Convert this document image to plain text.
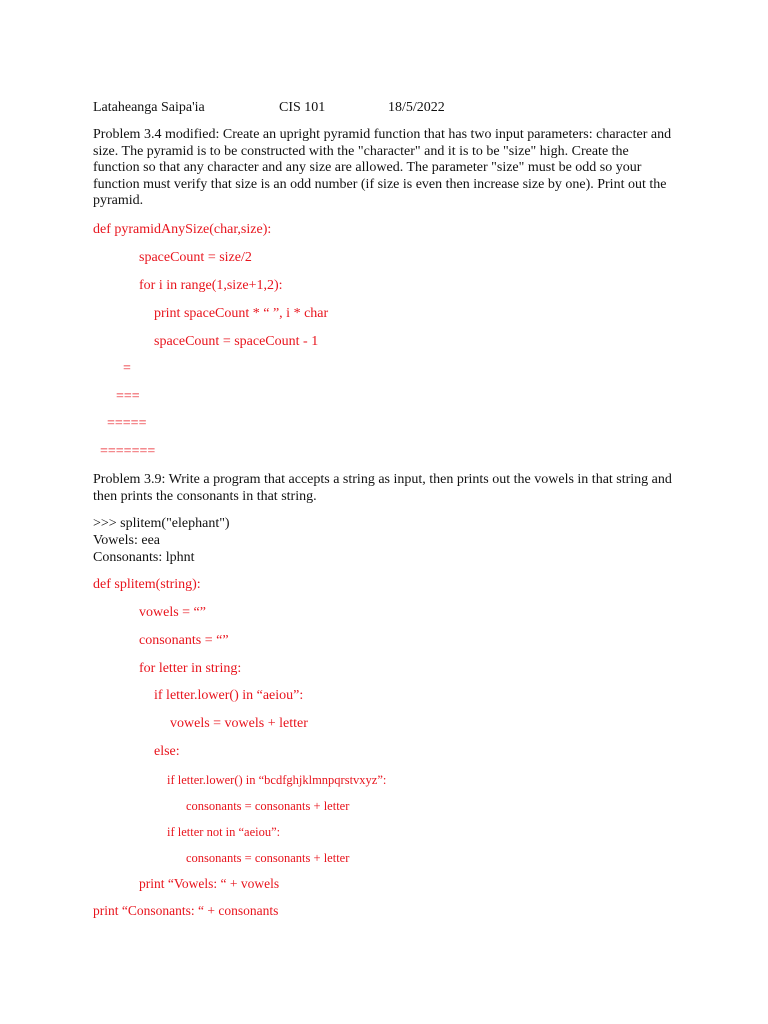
Lataheanga Saipa'ia	CIS 101	18/5/2022
Problem 3.4 modified: Create an upright pyramid function that has two input parameters: character and size. The pyramid is to be constructed with the "character" and it is to be "size" high. Create the function so that any character and any size are allowed. The parameter "size" must be odd so your function must verify that size is an odd number (if size is even then increase size by one). Print out the pyramid.
def pyramidAnySize(char,size):
spaceCount = size/2
for i in range(1,size+1,2):
print spaceCount * “ ”, i * char
spaceCount = spaceCount - 1
=
===
=====
=======
Problem 3.9: Write a program that accepts a string as input, then prints out the vowels in that string and then prints the consonants in that string.
>>> splitem("elephant")
Vowels: eea
Consonants: lphnt
def splitem(string):
vowels = “”
consonants = “”
for letter in string:
if letter.lower() in “aeiou”:
vowels = vowels + letter
else:
if letter.lower() in “bcdfghjklmnpqrstvxyz”:
consonants = consonants + letter
if letter not in “aeiou”:
consonants = consonants + letter
print “Vowels: “ + vowels
print “Consonants: “ + consonants
